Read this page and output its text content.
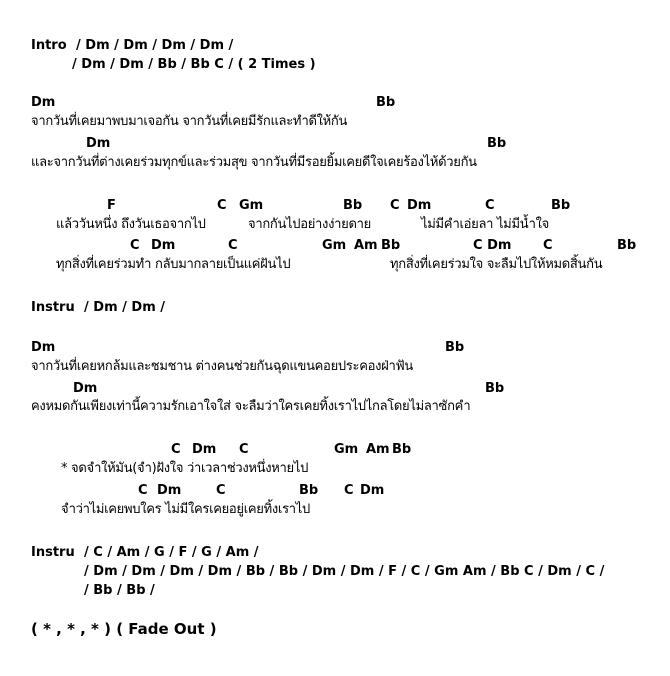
Intro / Dm / Dm / Dm / Dm /
/ Dm / Dm / Bb / Bb C / ( 2 Times )
Dm	Bb
จากวันที่เคยมาพบมาเจอกัน จากวันที่เคยมีรักและทำดีให้กัน
Dm	Bb
และจากวันที่ต่างเคยร่วมทุกข์และร่วมสุข จากวันที่มีรอยยิ้มเคยดีใจเคยร้องไห้ด้วยกัน
F	C Gm	Bb C Dm	C	Bb
แล้ววันหนึ่ง ถึงวันเธอจากไป	จากกันไปอย่างง่ายดาย	ไม่มีคำเอ่ยลา ไม่มีน้ำใจ
C Dm	C	Gm Am Bb	C Dm C	Bb
ทุกสิ่งที่เคยร่วมทำ กลับมากลายเป็นแค่ฝันไป	ทุกสิ่งที่เคยร่วมใจ จะลืมไปให้หมดสิ้นกัน
Instru / Dm / Dm /
Dm	Bb
จากวันที่เคยหกล้มและชมชาน ต่างคนช่วยกันฉุดแขนคอยประคองฝ่าฟัน
Dm	Bb
คงหมดกันเพียงเท่านี้ความรักเอาใจใส่ จะลืมว่าใครเคยทิ้งเราไปไกลโดยไม่ลาซักคำ
C Dm C	Gm Am Bb
* จดจำให้มัน(จำ)ฝังใจ ว่าเวลาช่วงหนึ่งหายไป
C Dm	C	Bb C Dm
จำว่าไม่เคยพบใคร ไม่มีใครเคยอยู่เคยทิ้งเราไป
Instru / C / Am / G / F / G / Am /
/ Dm / Dm / Dm / Dm / Bb / Bb / Dm / Dm / F / C / Gm Am / Bb C / Dm / C /
/ Bb / Bb /
( * , * , * ) ( Fade Out )
